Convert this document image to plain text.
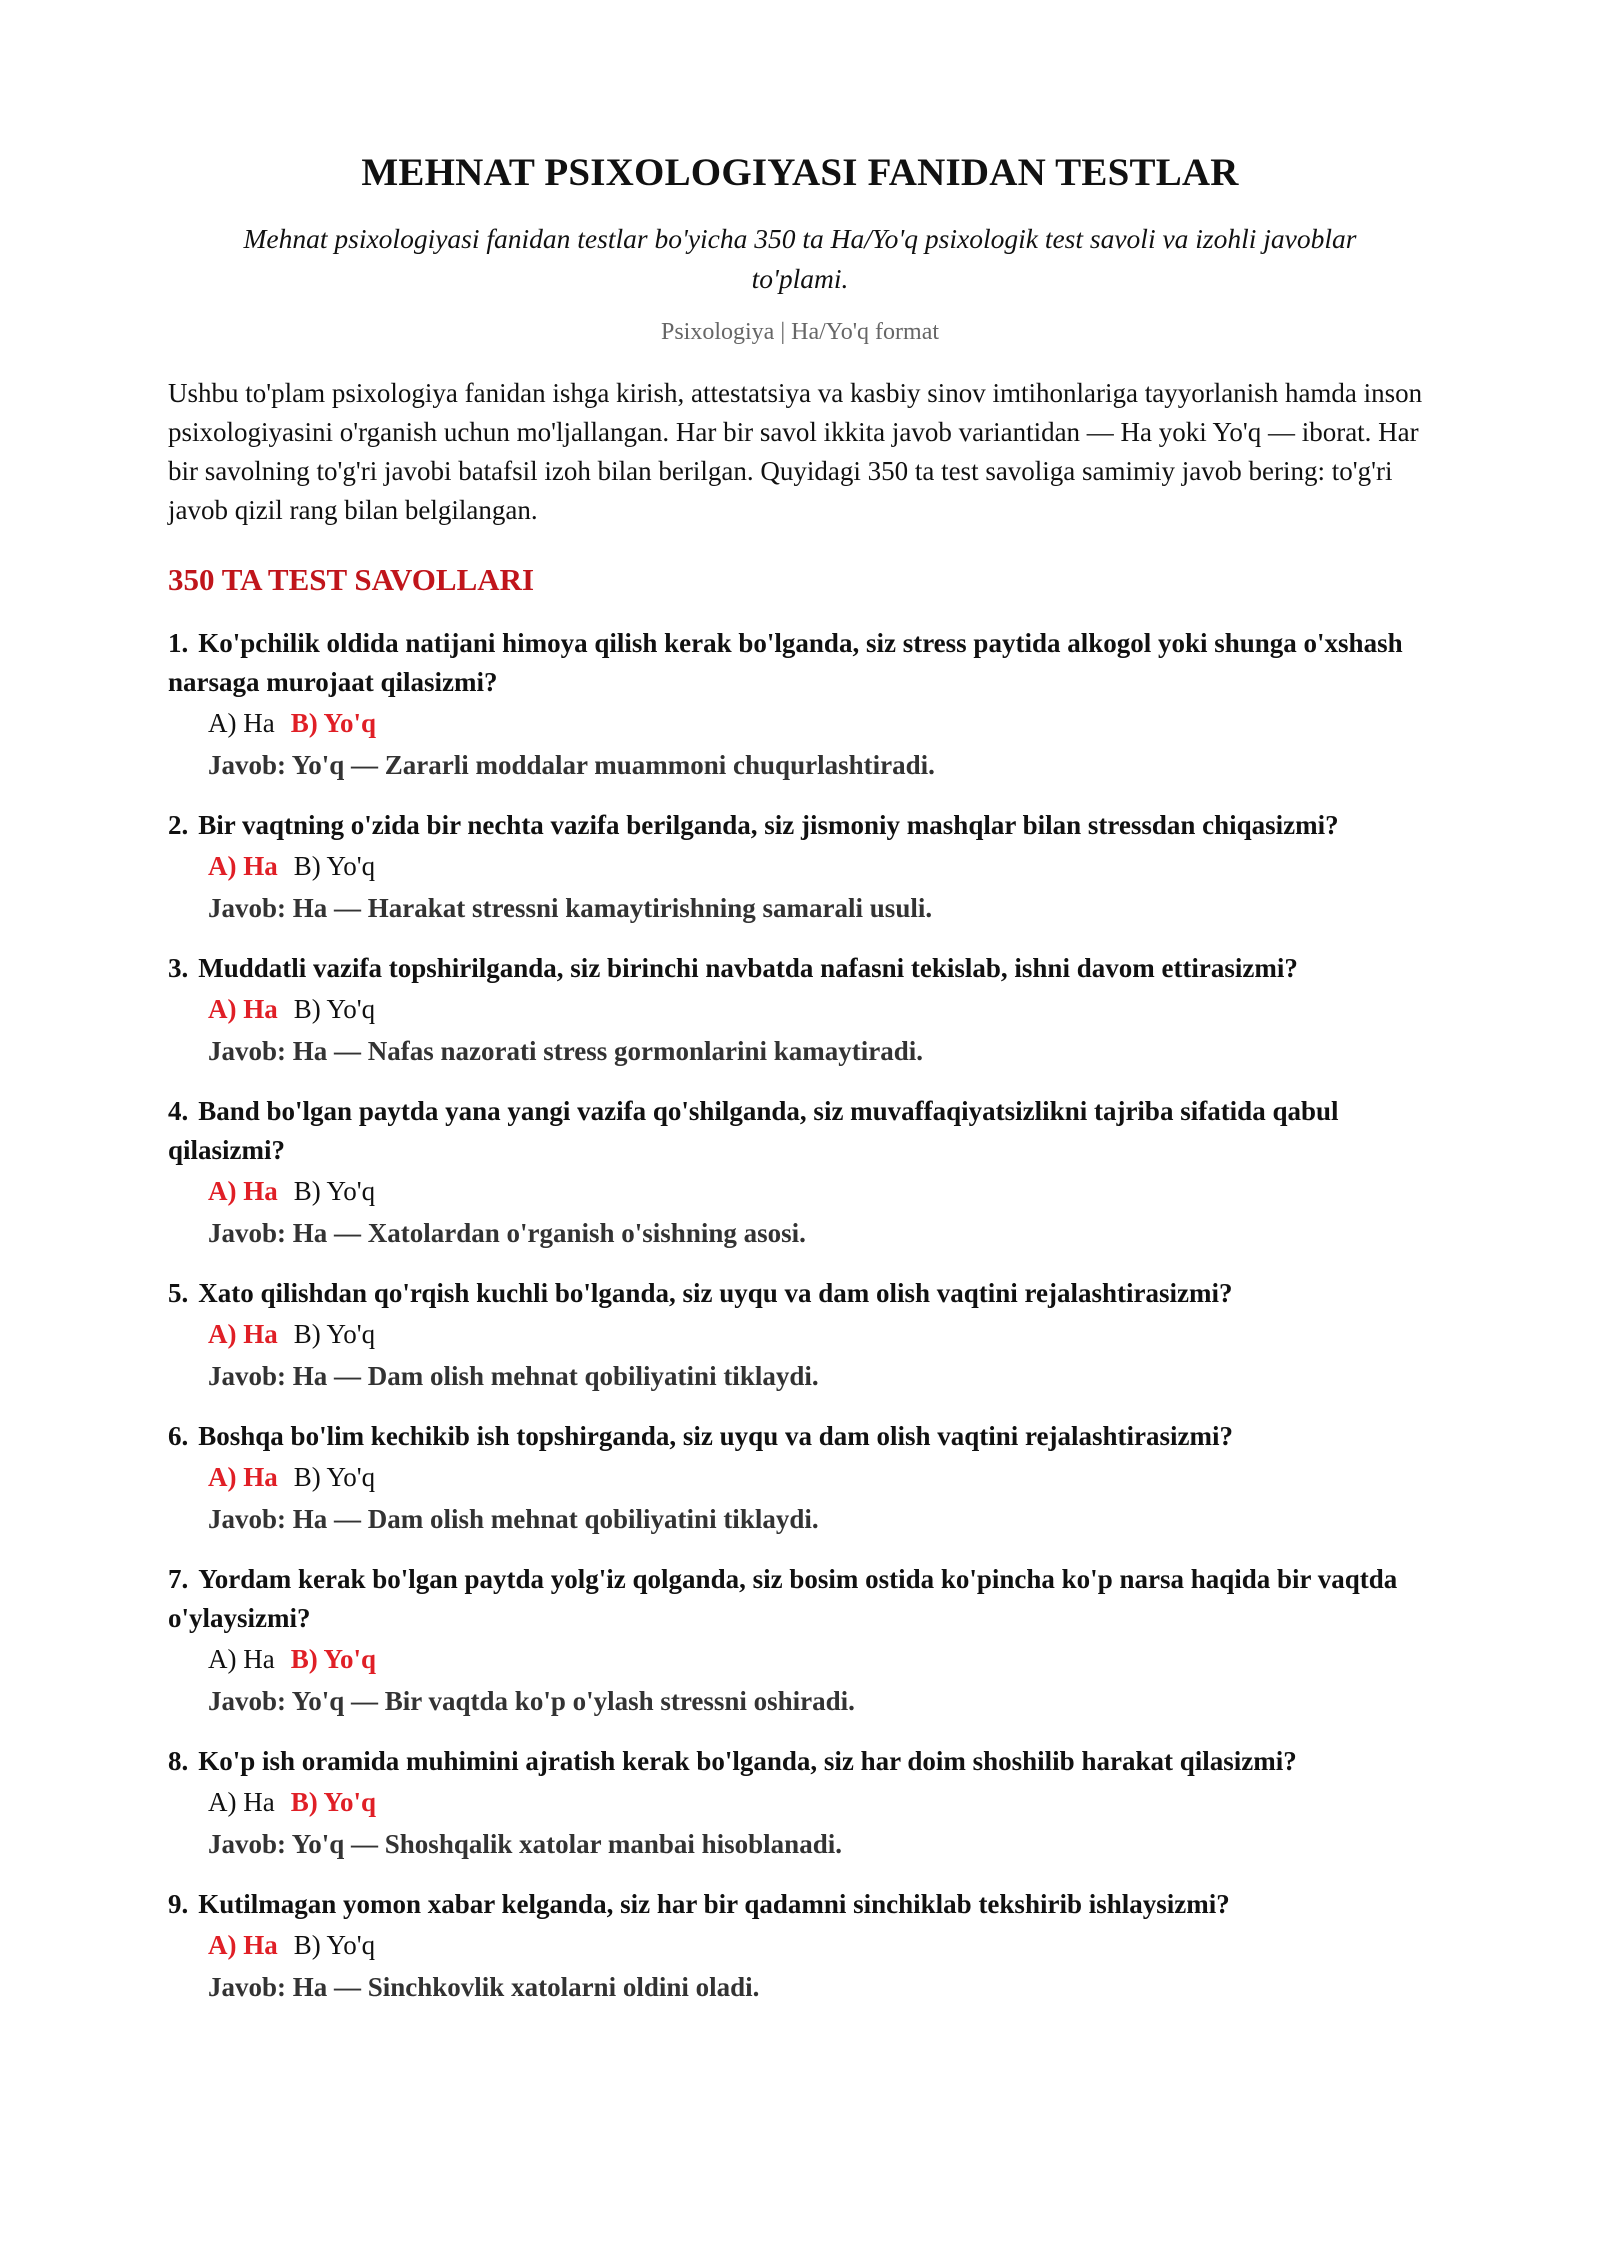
MEHNAT PSIXOLOGIYASI FANIDAN TESTLAR

Mehnat psixologiyasi fanidan testlar bo'yicha 350 ta Ha/Yo'q psixologik test savoli va izohli javoblar to'plami.

Psixologiya | Ha/Yo'q format

Ushbu to'plam psixologiya fanidan ishga kirish, attestatsiya va kasbiy sinov imtihonlariga tayyorlanish hamda inson psixologiyasini o'rganish uchun mo'ljallangan. Har bir savol ikkita javob variantidan — Ha yoki Yo'q — iborat. Har bir savolning to'g'ri javobi batafsil izoh bilan berilgan. Quyidagi 350 ta test savoliga samimiy javob bering: to'g'ri javob qizil rang bilan belgilangan.

350 TA TEST SAVOLLARI

1. Ko'pchilik oldida natijani himoya qilish kerak bo'lganda, siz stress paytida alkogol yoki shunga o'xshash narsaga murojaat qilasizmi?

A) Ha B) Yo'q
Javob: Yo'q — Zararli moddalar muammoni chuqurlashtiradi.

2. Bir vaqtning o'zida bir nechta vazifa berilganda, siz jismoniy mashqlar bilan stressdan chiqasizmi?

A) Ha B) Yo'q
Javob: Ha — Harakat stressni kamaytirishning samarali usuli.

3. Muddatli vazifa topshirilganda, siz birinchi navbatda nafasni tekislab, ishni davom ettirasizmi?

A) Ha B) Yo'q
Javob: Ha — Nafas nazorati stress gormonlarini kamaytiradi.

4. Band bo'lgan paytda yana yangi vazifa qo'shilganda, siz muvaffaqiyatsizlikni tajriba sifatida qabul qilasizmi?

A) Ha B) Yo'q
Javob: Ha — Xatolardan o'rganish o'sishning asosi.

5. Xato qilishdan qo'rqish kuchli bo'lganda, siz uyqu va dam olish vaqtini rejalashtirasizmi?

A) Ha B) Yo'q
Javob: Ha — Dam olish mehnat qobiliyatini tiklaydi.

6. Boshqa bo'lim kechikib ish topshirganda, siz uyqu va dam olish vaqtini rejalashtirasizmi?

A) Ha B) Yo'q
Javob: Ha — Dam olish mehnat qobiliyatini tiklaydi.

7. Yordam kerak bo'lgan paytda yolg'iz qolganda, siz bosim ostida ko'pincha ko'p narsa haqida bir vaqtda o'ylaysizmi?

A) Ha B) Yo'q
Javob: Yo'q — Bir vaqtda ko'p o'ylash stressni oshiradi.

8. Ko'p ish oramida muhimini ajratish kerak bo'lganda, siz har doim shoshilib harakat qilasizmi?

A) Ha B) Yo'q
Javob: Yo'q — Shoshqalik xatolar manbai hisoblanadi.

9. Kutilmagan yomon xabar kelganda, siz har bir qadamni sinchiklab tekshirib ishlaysizmi?

A) Ha B) Yo'q
Javob: Ha — Sinchkovlik xatolarni oldini oladi.
